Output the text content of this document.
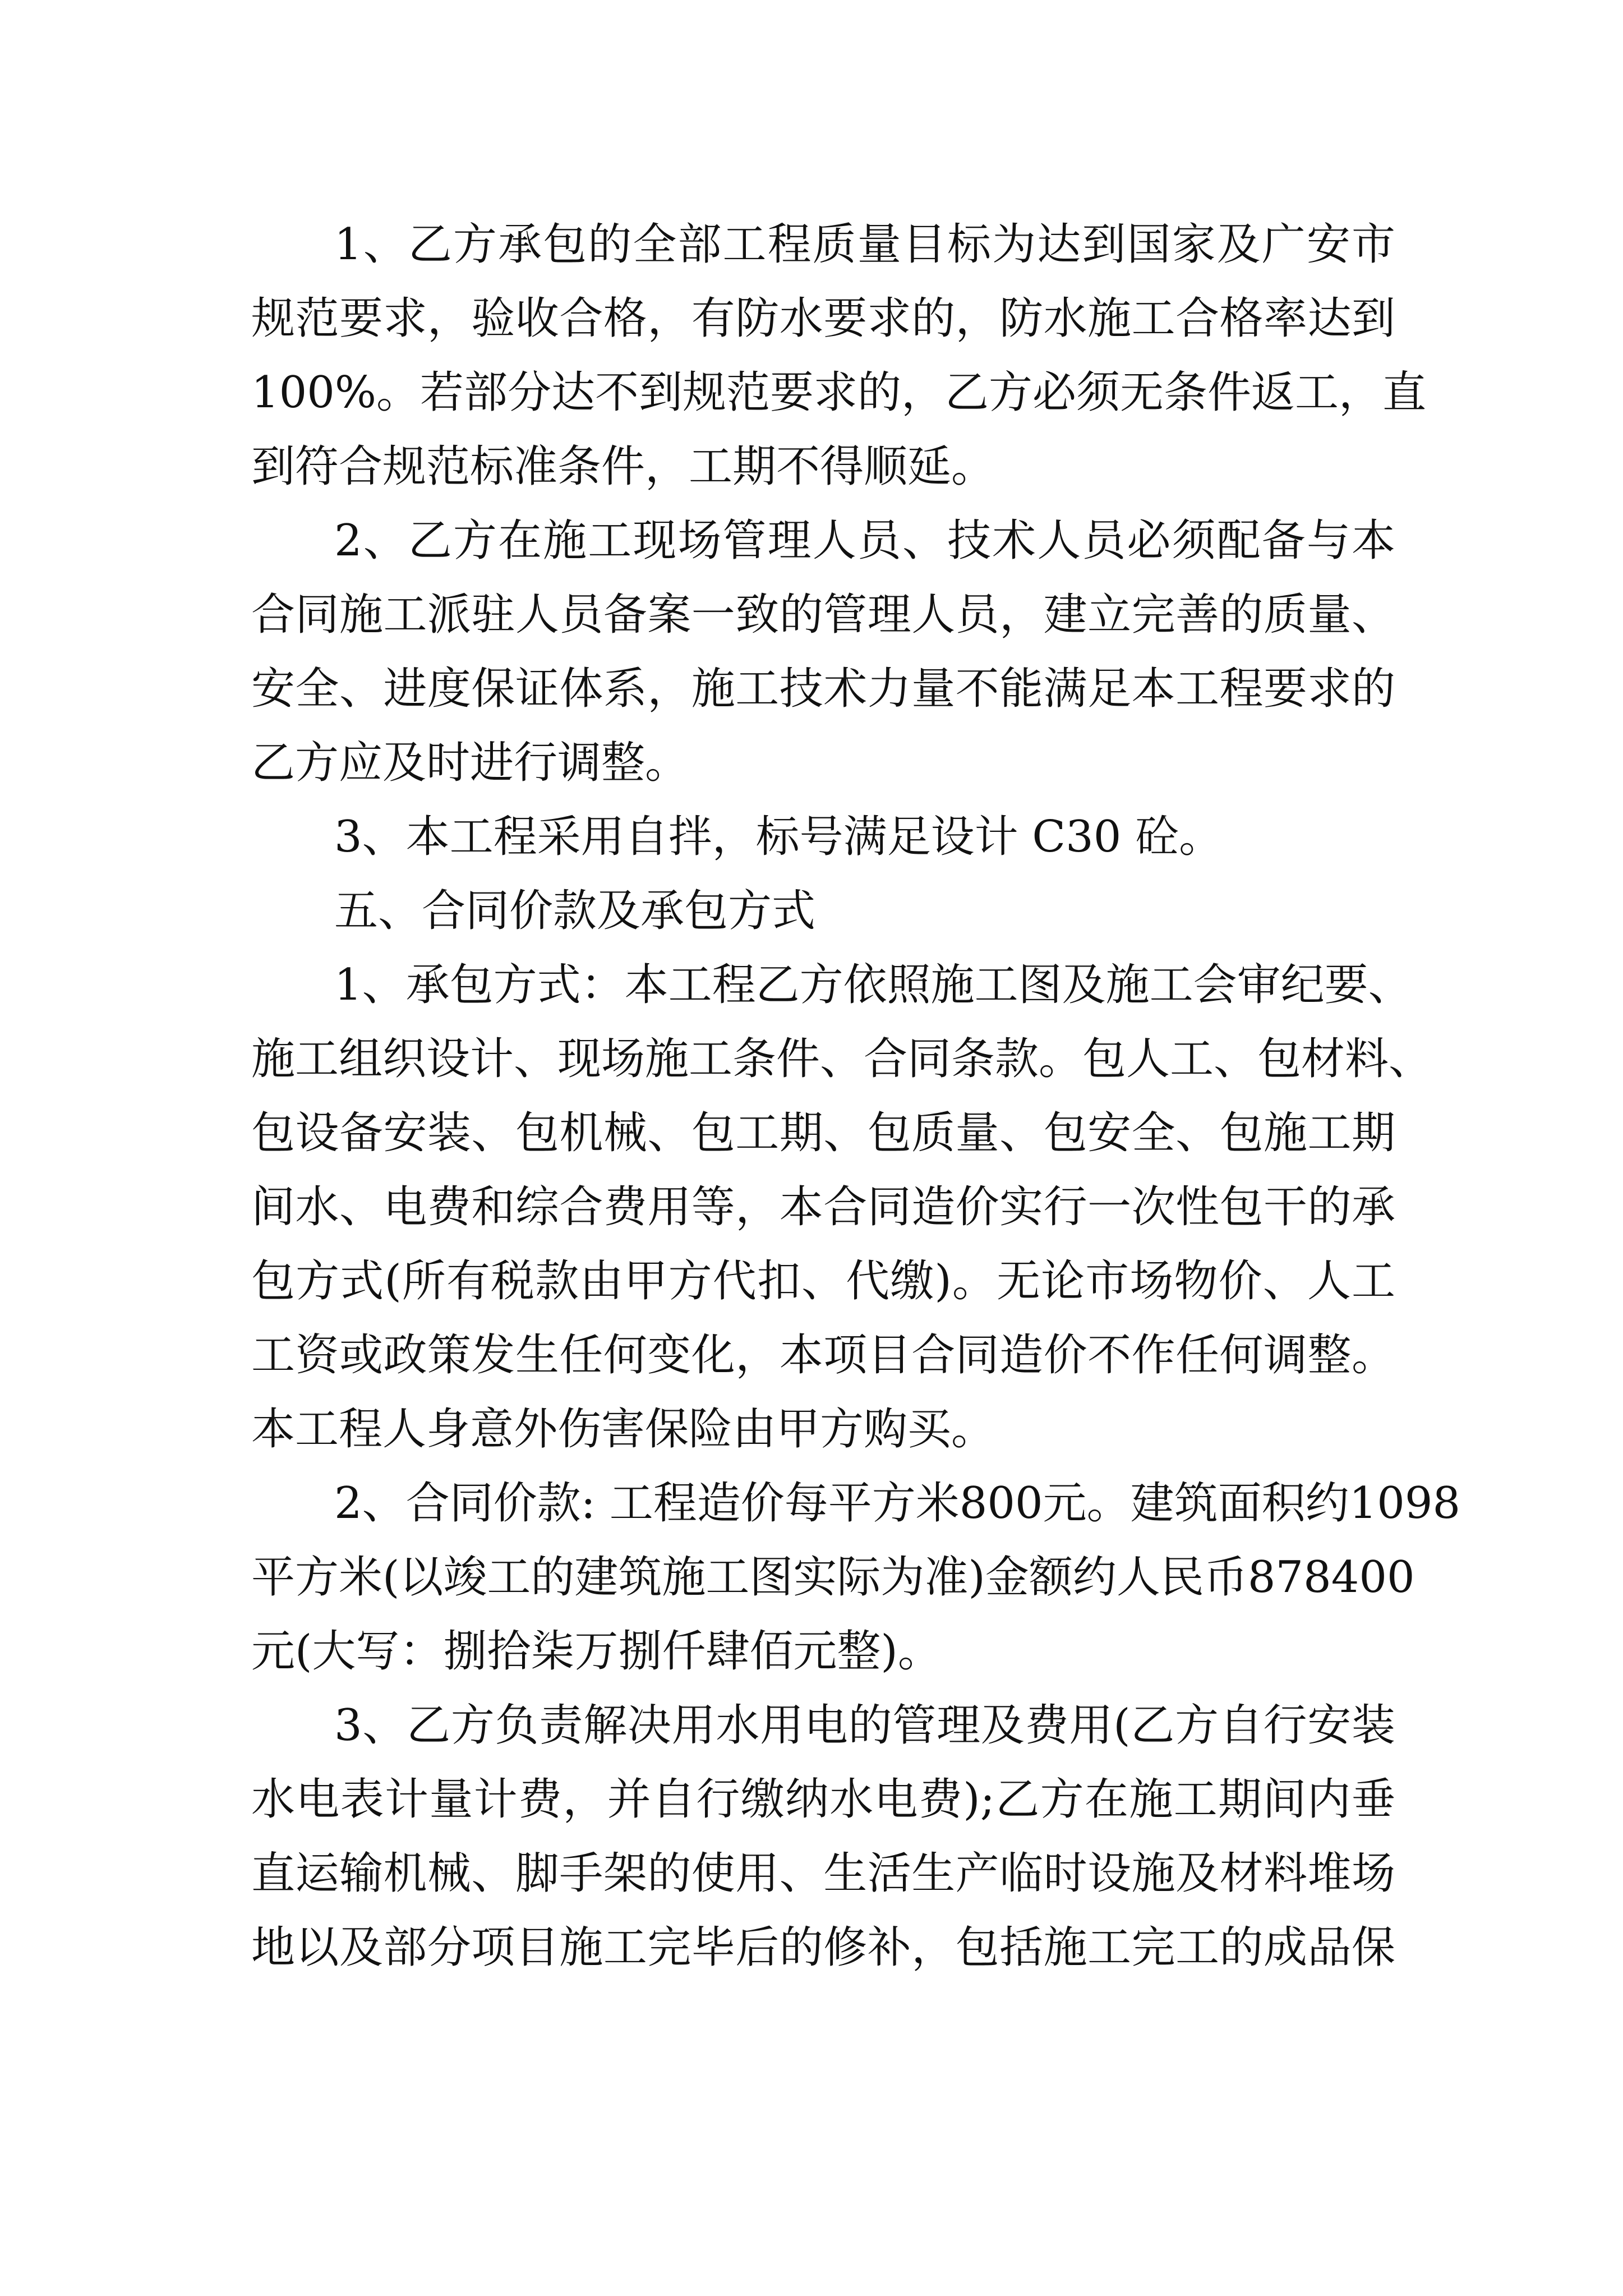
1、乙方承包的全部工程质量目标为达到国家及广安市
规范要求，验收合格，有防水要求的，防水施工合格率达到
100%。若部分达不到规范要求的，乙方必须无条件返工，直
到符合规范标准条件，工期不得顺延。
2、乙方在施工现场管理人员、技术人员必须配备与本
合同施工派驻人员备案一致的管理人员，建立完善的质量、
安全、进度保证体系，施工技术力量不能满足本工程要求的
乙方应及时进行调整。
3、本工程采用自拌，标号满足设计 C30 砼。
五、合同价款及承包方式
1、承包方式：本工程乙方依照施工图及施工会审纪要、
施工组织设计、现场施工条件、合同条款。包人工、包材料、
包设备安装、包机械、包工期、包质量、包安全、包施工期
间水、电费和综合费用等，本合同造价实行一次性包干的承
包方式(所有税款由甲方代扣、代缴)。无论市场物价、人工
工资或政策发生任何变化，本项目合同造价不作任何调整。
本工程人身意外伤害保险由甲方购买。
2、合同价款: 工程造价每平方米800元。建筑面积约1098
平方米(以竣工的建筑施工图实际为准)金额约人民币878400
元(大写：捌拾柒万捌仟肆佰元整)。
3、乙方负责解决用水用电的管理及费用(乙方自行安装
水电表计量计费，并自行缴纳水电费);乙方在施工期间内垂
直运输机械、脚手架的使用、生活生产临时设施及材料堆场
地以及部分项目施工完毕后的修补，包括施工完工的成品保
